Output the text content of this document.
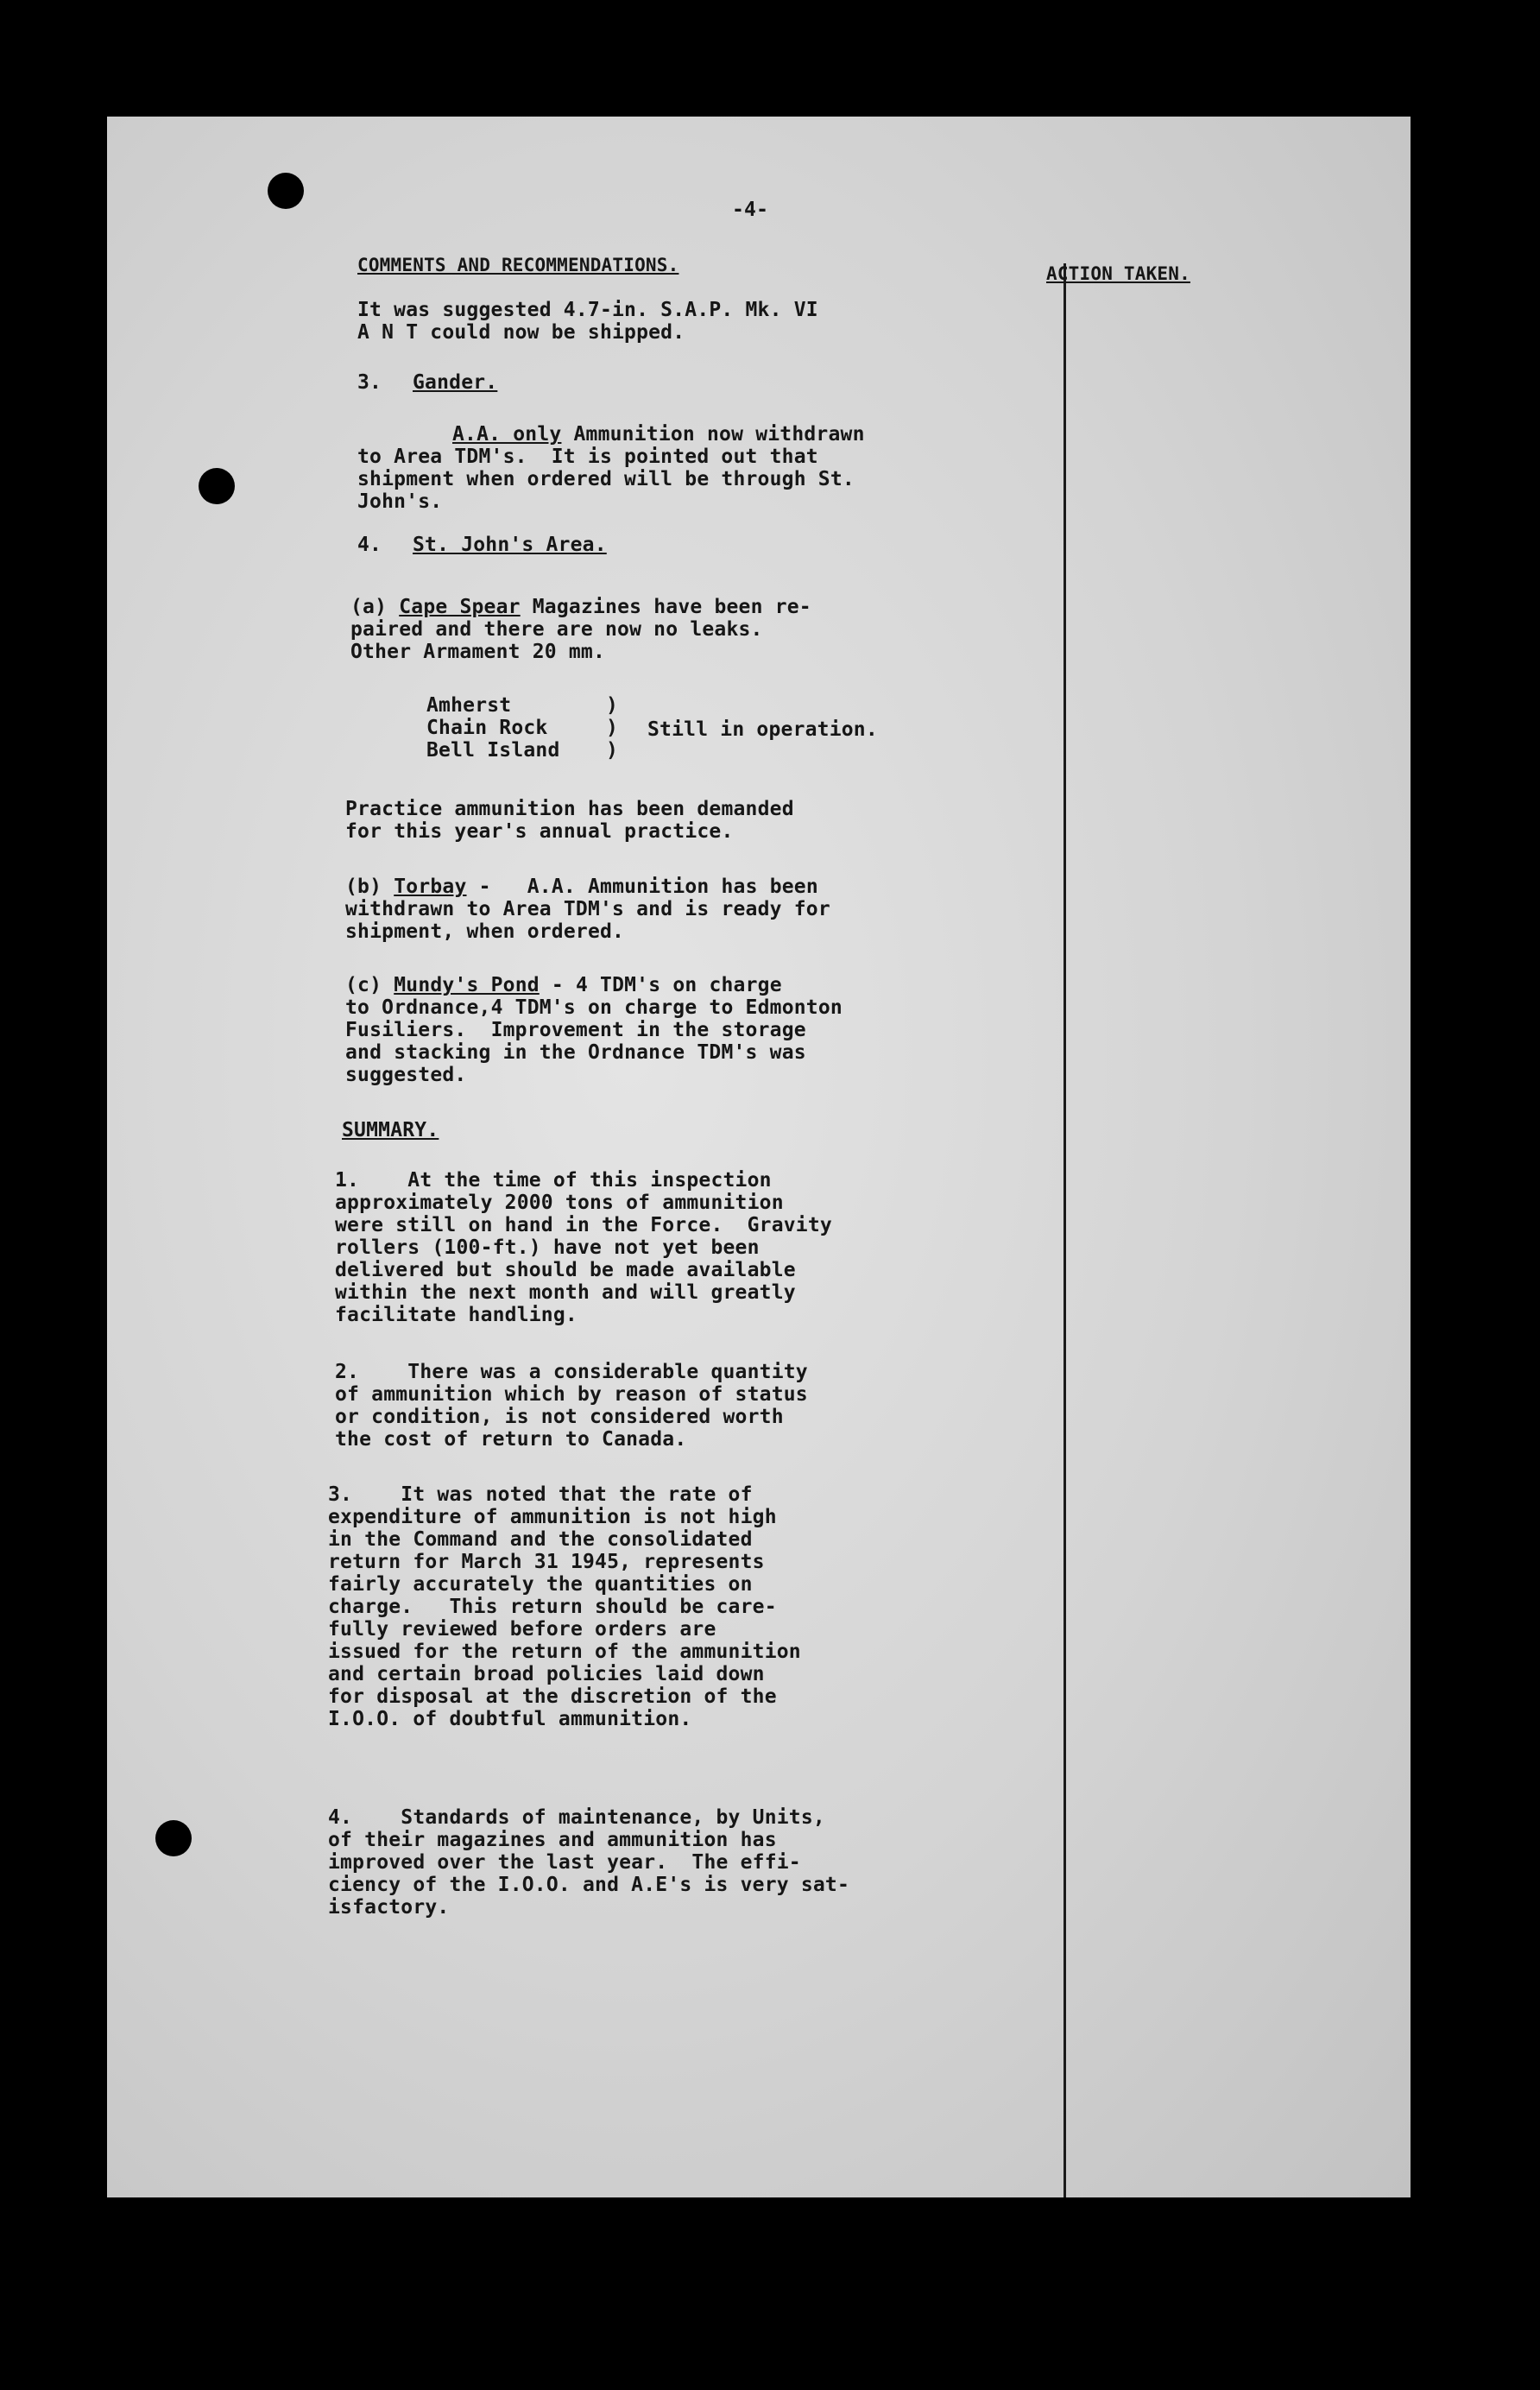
-4-
COMMENTS AND RECOMMENDATIONS.	ACTION TAKEN.
It was suggested 4.7-in. S.A.P. Mk. VI
A N T could now be shipped.
3. Gander.
A.A. only Ammunition now withdrawn
to Area TDM's.  It is pointed out that
shipment when ordered will be through St.
John's.
4. St. John's Area.
(a) Cape Spear Magazines have been re-
paired and there are now no leaks.
Other Armament 20 mm.
Amherst
Chain Rock
Bell Island
)
)
)
Still in operation.
Practice ammunition has been demanded
for this year's annual practice.
(b) Torbay -   A.A. Ammunition has been
withdrawn to Area TDM's and is ready for
shipment, when ordered.
(c) Mundy's Pond - 4 TDM's on charge
to Ordnance,4 TDM's on charge to Edmonton
Fusiliers.  Improvement in the storage
and stacking in the Ordnance TDM's was
suggested.
SUMMARY.
1.    At the time of this inspection
approximately 2000 tons of ammunition
were still on hand in the Force.  Gravity
rollers (100-ft.) have not yet been
delivered but should be made available
within the next month and will greatly
facilitate handling.
2.    There was a considerable quantity
of ammunition which by reason of status
or condition, is not considered worth
the cost of return to Canada.
3.    It was noted that the rate of
expenditure of ammunition is not high
in the Command and the consolidated
return for March 31 1945, represents
fairly accurately the quantities on
charge.   This return should be care-
fully reviewed before orders are
issued for the return of the ammunition
and certain broad policies laid down
for disposal at the discretion of the
I.O.O. of doubtful ammunition.
4.    Standards of maintenance, by Units,
of their magazines and ammunition has
improved over the last year.  The effi-
ciency of the I.O.O. and A.E's is very sat-
isfactory.
